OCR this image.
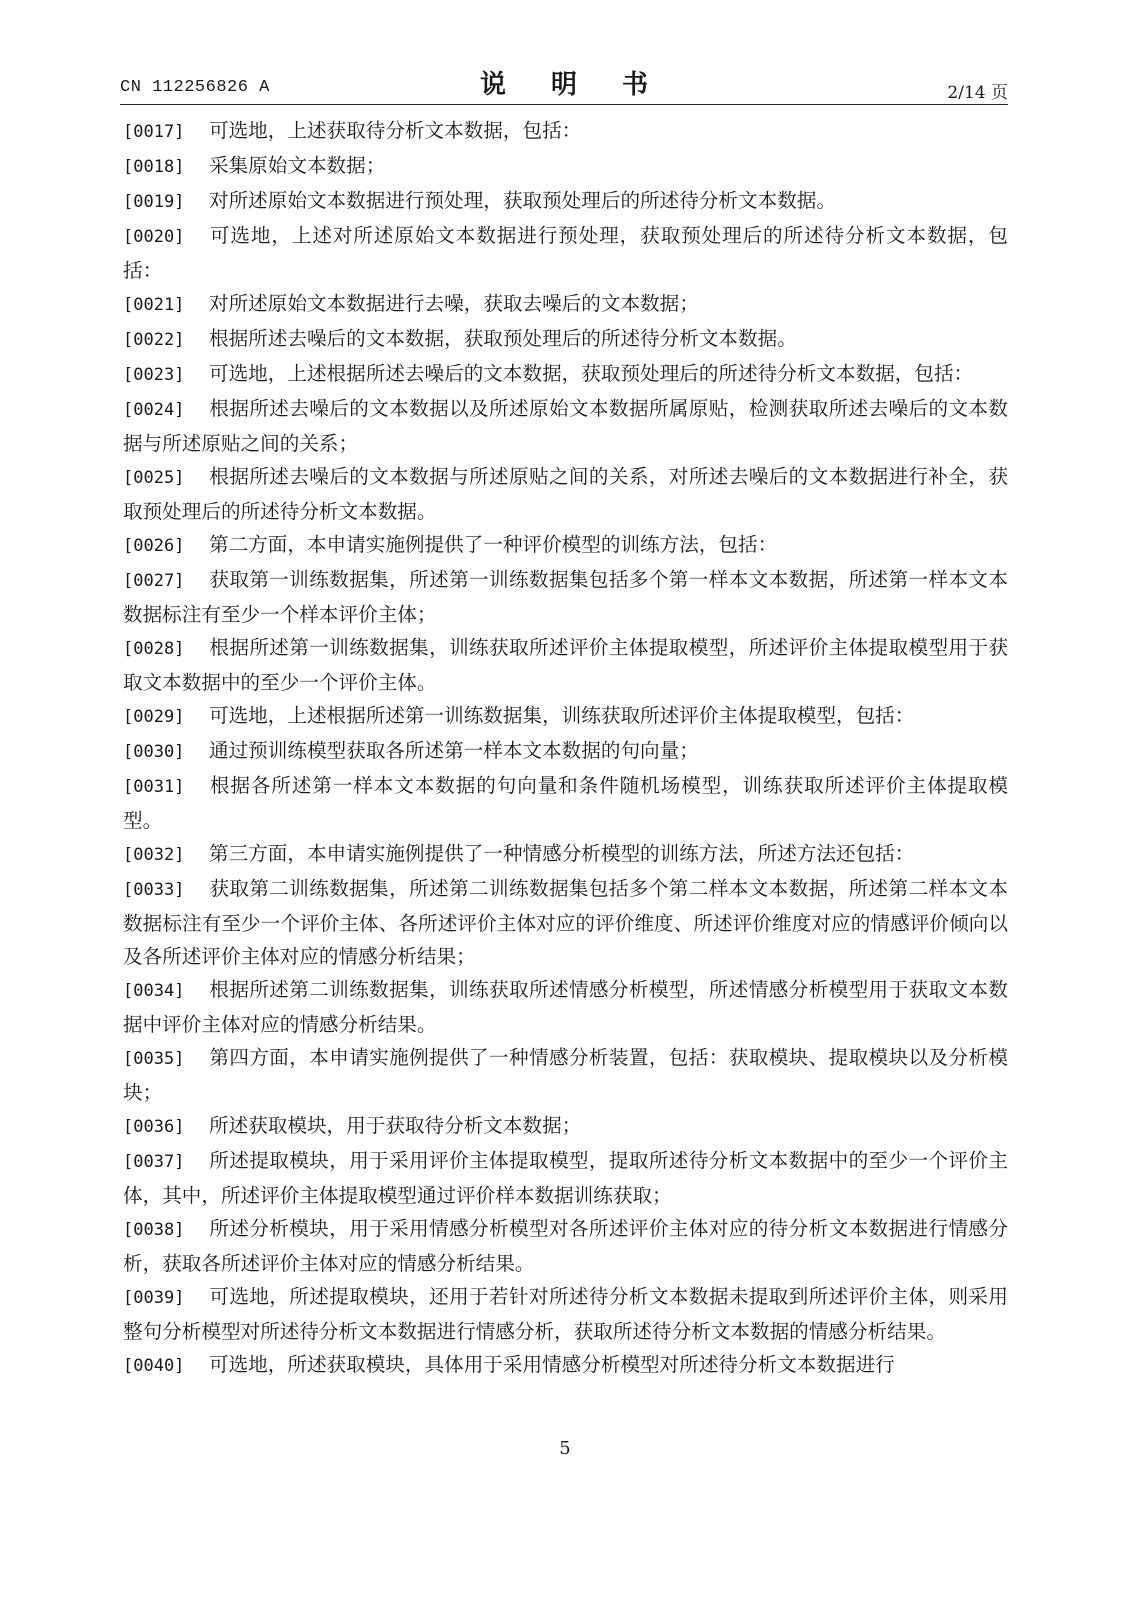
CN 112256826 A	说 明 书	2/14 页

[0017] 可选地，上述获取待分析文本数据，包括：

[0018] 采集原始文本数据；

[0019] 对所述原始文本数据进行预处理，获取预处理后的所述待分析文本数据。

[0020] 可选地，上述对所述原始文本数据进行预处理，获取预处理后的所述待分析文本数据，包括：

[0021] 对所述原始文本数据进行去噪，获取去噪后的文本数据；

[0022] 根据所述去噪后的文本数据，获取预处理后的所述待分析文本数据。

[0023] 可选地，上述根据所述去噪后的文本数据，获取预处理后的所述待分析文本数据，包括：

[0024] 根据所述去噪后的文本数据以及所述原始文本数据所属原贴，检测获取所述去噪后的文本数据与所述原贴之间的关系；

[0025] 根据所述去噪后的文本数据与所述原贴之间的关系，对所述去噪后的文本数据进行补全，获取预处理后的所述待分析文本数据。

[0026] 第二方面，本申请实施例提供了一种评价模型的训练方法，包括：

[0027] 获取第一训练数据集，所述第一训练数据集包括多个第一样本文本数据，所述第一样本文本数据标注有至少一个样本评价主体；

[0028] 根据所述第一训练数据集，训练获取所述评价主体提取模型，所述评价主体提取模型用于获取文本数据中的至少一个评价主体。

[0029] 可选地，上述根据所述第一训练数据集，训练获取所述评价主体提取模型，包括：

[0030] 通过预训练模型获取各所述第一样本文本数据的句向量；

[0031] 根据各所述第一样本文本数据的句向量和条件随机场模型，训练获取所述评价主体提取模型。

[0032] 第三方面，本申请实施例提供了一种情感分析模型的训练方法，所述方法还包括：

[0033] 获取第二训练数据集，所述第二训练数据集包括多个第二样本文本数据，所述第二样本文本数据标注有至少一个评价主体、各所述评价主体对应的评价维度、所述评价维度对应的情感评价倾向以及各所述评价主体对应的情感分析结果；

[0034] 根据所述第二训练数据集，训练获取所述情感分析模型，所述情感分析模型用于获取文本数据中评价主体对应的情感分析结果。

[0035] 第四方面，本申请实施例提供了一种情感分析装置，包括：获取模块、提取模块以及分析模块；

[0036] 所述获取模块，用于获取待分析文本数据；

[0037] 所述提取模块，用于采用评价主体提取模型，提取所述待分析文本数据中的至少一个评价主体，其中，所述评价主体提取模型通过评价样本数据训练获取；

[0038] 所述分析模块，用于采用情感分析模型对各所述评价主体对应的待分析文本数据进行情感分析，获取各所述评价主体对应的情感分析结果。

[0039] 可选地，所述提取模块，还用于若针对所述待分析文本数据未提取到所述评价主体，则采用整句分析模型对所述待分析文本数据进行情感分析，获取所述待分析文本数据的情感分析结果。

[0040] 可选地，所述获取模块，具体用于采用情感分析模型对所述待分析文本数据进行

5
